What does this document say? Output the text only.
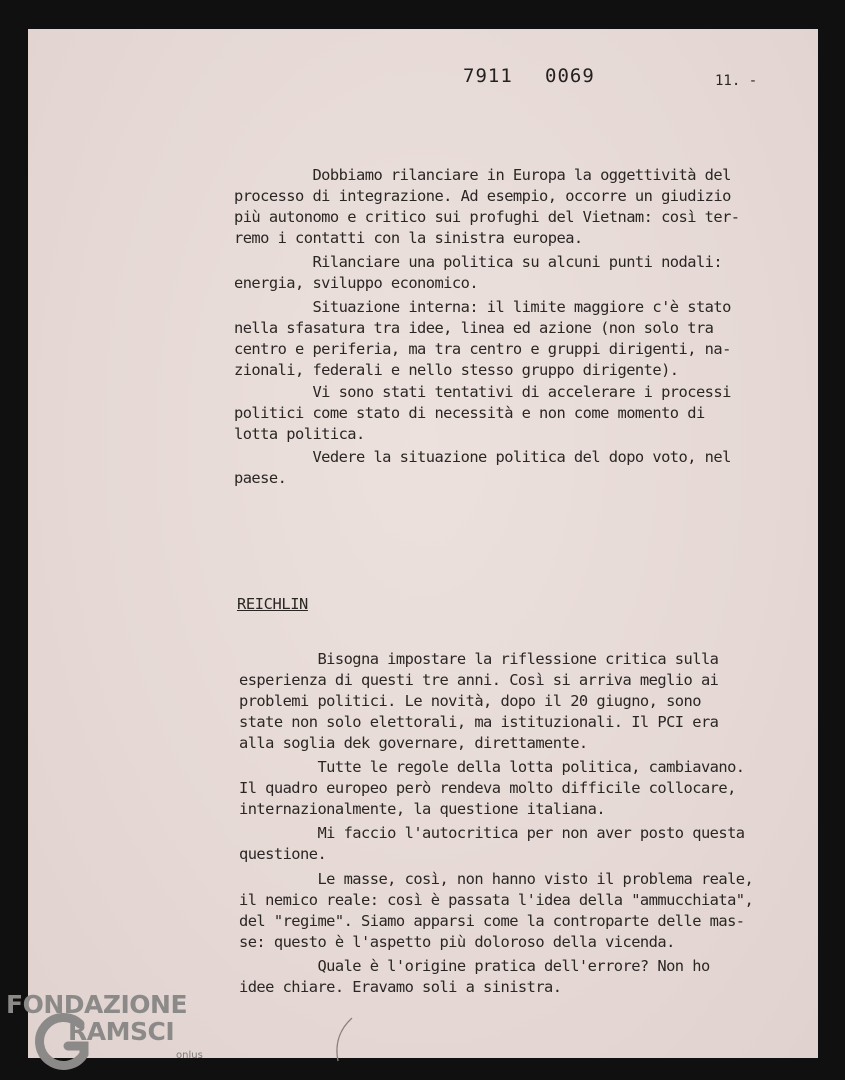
7911 0069	11. -
Dobbiamo rilanciare in Europa la oggettività del
processo di integrazione. Ad esempio, occorre un giudizio
più autonomo e critico sui profughi del Vietnam: così ter-
remo i contatti con la sinistra europea.
Rilanciare una politica su alcuni punti nodali:
energia, sviluppo economico.
Situazione interna: il limite maggiore c'è stato
nella sfasatura tra idee, linea ed azione (non solo tra
centro e periferia, ma tra centro e gruppi dirigenti, na-
zionali, federali e nello stesso gruppo dirigente).
Vi sono stati tentativi di accelerare i processi
politici come stato di necessità e non come momento di
lotta politica.
Vedere la situazione politica del dopo voto, nel
paese.
REICHLIN
Bisogna impostare la riflessione critica sulla
esperienza di questi tre anni. Così si arriva meglio ai
problemi politici. Le novità, dopo il 20 giugno, sono
state non solo elettorali, ma istituzionali. Il PCI era
alla soglia dek governare, direttamente.
Tutte le regole della lotta politica, cambiavano.
Il quadro europeo però rendeva molto difficile collocare,
internazionalmente, la questione italiana.
Mi faccio l'autocritica per non aver posto questa
questione.
Le masse, così, non hanno visto il problema reale,
il nemico reale: così è passata l'idea della "ammucchiata",
del "regime". Siamo apparsi come la controparte delle mas-
se: questo è l'aspetto più doloroso della vicenda.
Quale è l'origine pratica dell'errore? Non ho
idee chiare. Eravamo soli a sinistra.
FONDAZIONE
RAMSCI
onlus
